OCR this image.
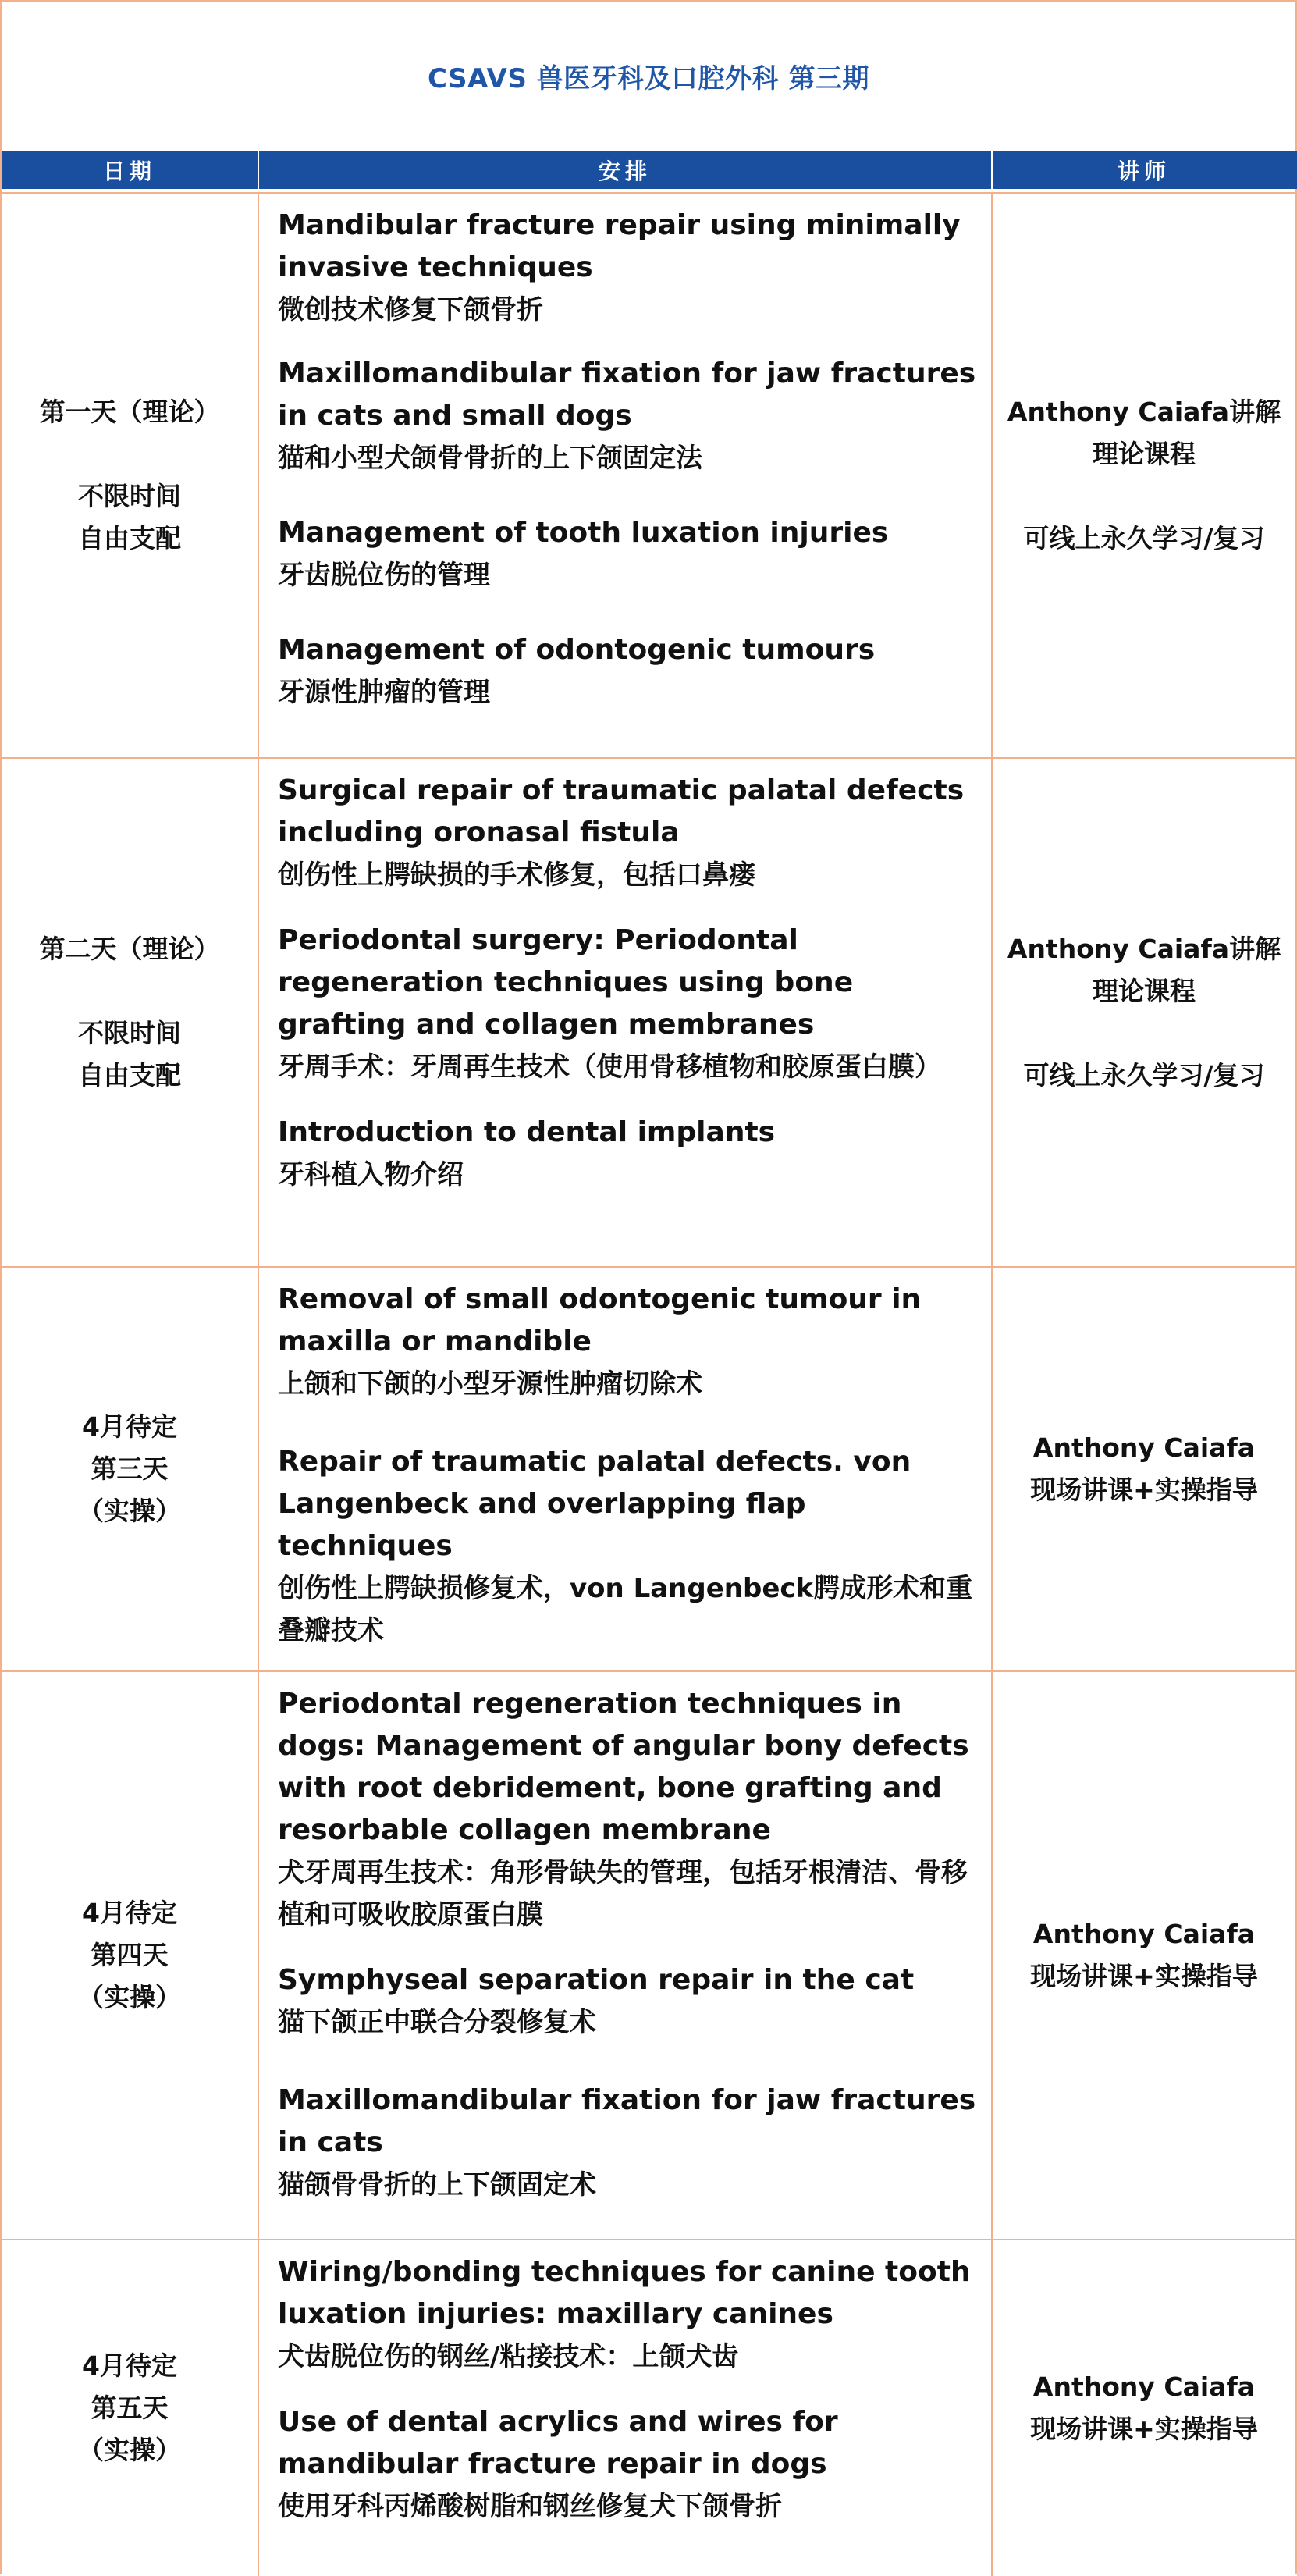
CSAVS 兽医牙科及口腔外科 第三期
日期	安排	讲师
第一天（理论）
不限时间
自由支配
Mandibular fracture repair using minimally invasive techniques
微创技术修复下颌骨折
Maxillomandibular fixation for jaw fractures in cats and small dogs
猫和小型犬颌骨骨折的上下颌固定法
Management of tooth luxation injuries
牙齿脱位伤的管理
Management of odontogenic tumours
牙源性肿瘤的管理
Anthony Caiafa讲解
理论课程
可线上永久学习/复习
第二天（理论）
不限时间
自由支配
Surgical repair of traumatic palatal defects including oronasal fistula
创伤性上腭缺损的手术修复，包括口鼻瘘
Periodontal surgery: Periodontal regeneration techniques using bone grafting and collagen membranes
牙周手术：牙周再生技术（使用骨移植物和胶原蛋白膜）
Introduction to dental implants
牙科植入物介绍
Anthony Caiafa讲解
理论课程
可线上永久学习/复习
4月待定
第三天
（实操）
Removal of small odontogenic tumour in maxilla or mandible
上颌和下颌的小型牙源性肿瘤切除术
Repair of traumatic palatal defects. von Langenbeck and overlapping flap techniques
创伤性上腭缺损修复术，von Langenbeck腭成形术和重叠瓣技术
Anthony Caiafa
现场讲课+实操指导
4月待定
第四天
（实操）
Periodontal regeneration techniques in dogs: Management of angular bony defects with root debridement, bone grafting and resorbable collagen membrane
犬牙周再生技术：角形骨缺失的管理，包括牙根清洁、骨移植和可吸收胶原蛋白膜
Symphyseal separation repair in the cat
猫下颌正中联合分裂修复术
Maxillomandibular fixation for jaw fractures in cats
猫颌骨骨折的上下颌固定术
Anthony Caiafa
现场讲课+实操指导
4月待定
第五天
（实操）
Wiring/bonding techniques for canine tooth luxation injuries: maxillary canines
犬齿脱位伤的钢丝/粘接技术：上颌犬齿
Use of dental acrylics and wires for mandibular fracture repair in dogs
使用牙科丙烯酸树脂和钢丝修复犬下颌骨折
Anthony Caiafa
现场讲课+实操指导
